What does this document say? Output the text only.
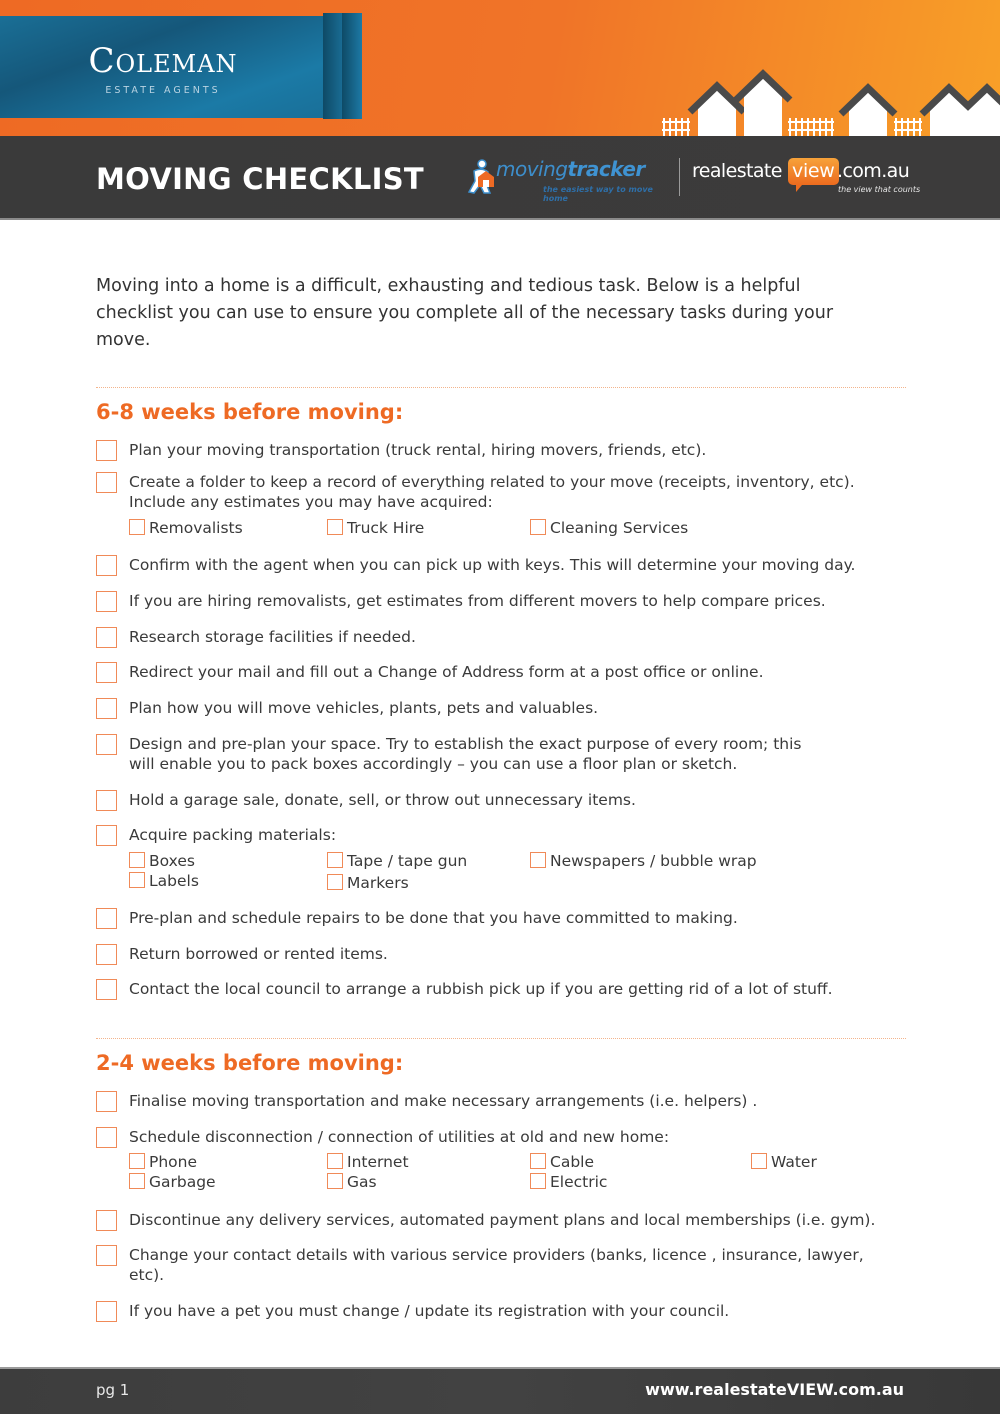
Coleman
ESTATE AGENTS
MOVING CHECKLIST	movingtracker
the easiest way to move home
realestate view .com.au
the view that counts

Moving into a home is a difficult, exhausting and tedious task. Below is a helpful checklist you can use to ensure you complete all of the necessary tasks during your move.

6-8 weeks before moving:
Plan your moving transportation (truck rental, hiring movers, friends, etc).
Create a folder to keep a record of everything related to your move (receipts, inventory, etc). Include any estimates you may have acquired:
Removalists	Truck Hire	Cleaning Services
Confirm with the agent when you can pick up with keys. This will determine your moving day.
If you are hiring removalists, get estimates from different movers to help compare prices.
Research storage facilities if needed.
Redirect your mail and fill out a Change of Address form at a post office or online.
Plan how you will move vehicles, plants, pets and valuables.
Design and pre-plan your space. Try to establish the exact purpose of every room; this will enable you to pack boxes accordingly – you can use a floor plan or sketch.
Hold a garage sale, donate, sell, or throw out unnecessary items.
Acquire packing materials:
Boxes	Tape / tape gun	Newspapers / bubble wrap
Labels	Markers
Pre-plan and schedule repairs to be done that you have committed to making.
Return borrowed or rented items.
Contact the local council to arrange a rubbish pick up if you are getting rid of a lot of stuff.
2-4 weeks before moving:
Finalise moving transportation and make necessary arrangements (i.e. helpers) .
Schedule disconnection / connection of utilities at old and new home:
Phone	Internet	Cable	Water
Garbage	Gas	Electric
Discontinue any delivery services, automated payment plans and local memberships (i.e. gym).
Change your contact details with various service providers (banks, licence , insurance, lawyer, etc).
If you have a pet you must change / update its registration with your council.
pg 1	www.realestateVIEW.com.au
